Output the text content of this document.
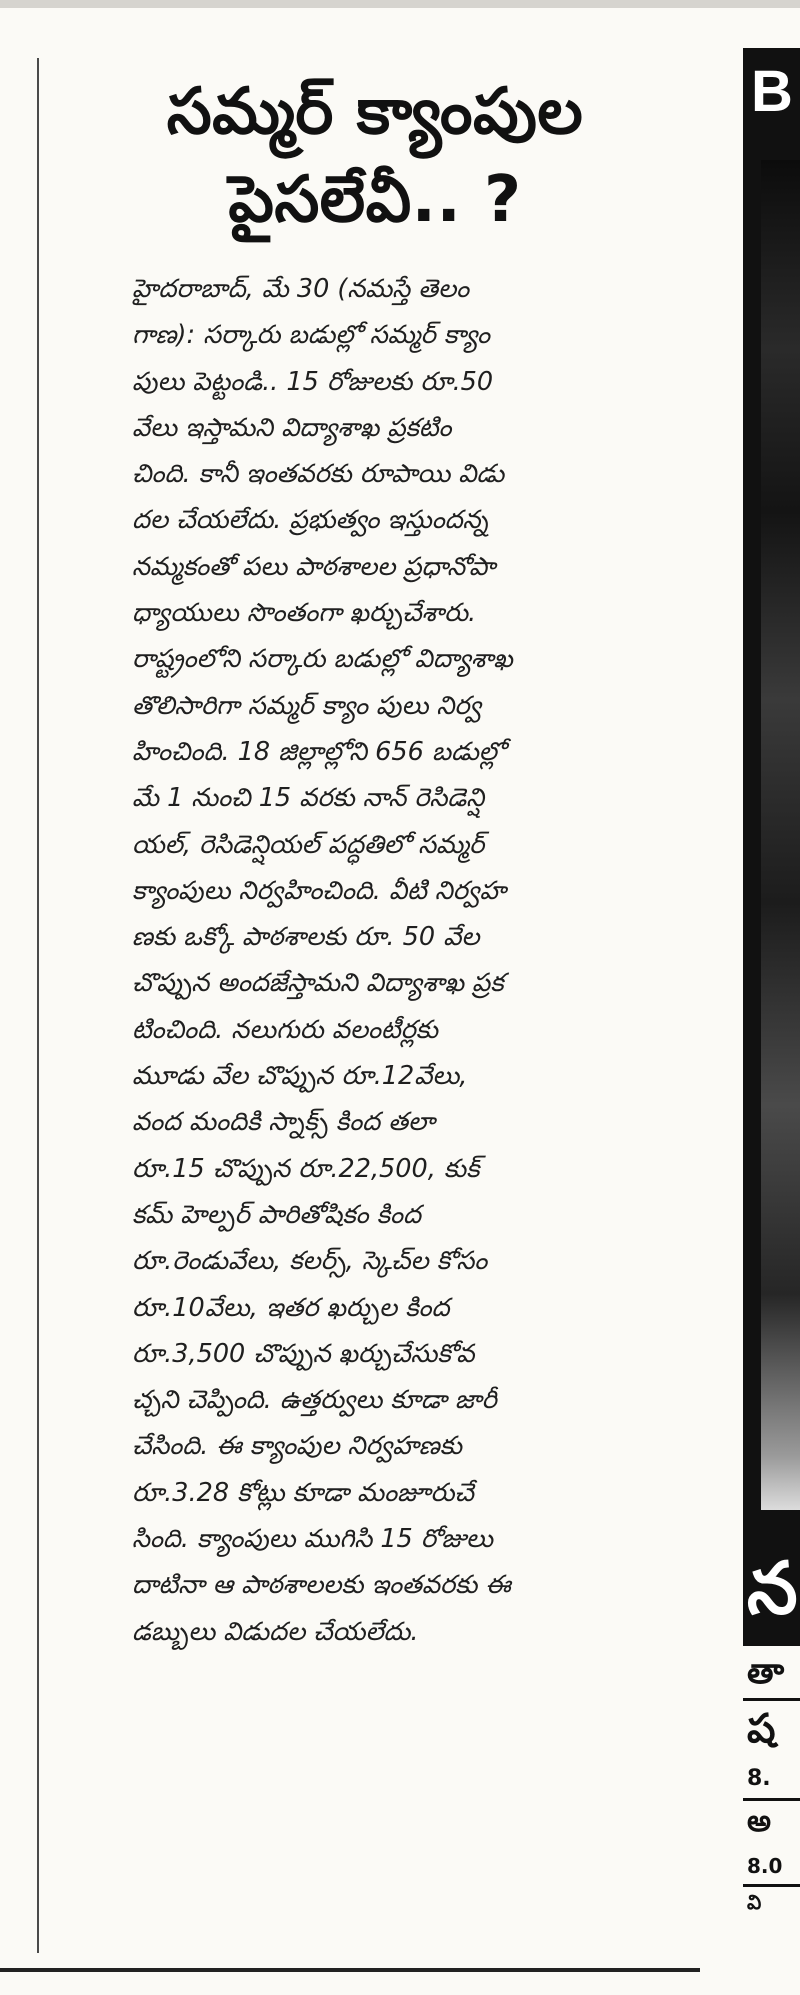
సమ్మర్ క్యాంపుల
పైసలేవీ.. ?
హైదరాబాద్, మే 30 (నమస్తే తెలం
గాణ): సర్కారు బడుల్లో సమ్మర్ క్యాం
పులు పెట్టండి.. 15 రోజులకు రూ.50
వేలు ఇస్తామని విద్యాశాఖ ప్రకటిం
చింది. కానీ ఇంతవరకు రూపాయి విడు
దల చేయలేదు. ప్రభుత్వం ఇస్తుందన్న
నమ్మకంతో పలు పాఠశాలల ప్రధానోపా
ధ్యాయులు సొంతంగా ఖర్చుచేశారు.
రాష్ట్రంలోని సర్కారు బడుల్లో విద్యాశాఖ
తొలిసారిగా సమ్మర్ క్యాం పులు నిర్వ
హించింది. 18 జిల్లాల్లోని 656 బడుల్లో
మే 1 నుంచి 15 వరకు నాన్ రెసిడెన్షి
యల్, రెసిడెన్షియల్ పద్ధతిలో సమ్మర్
క్యాంపులు నిర్వహించింది. వీటి నిర్వహ
ణకు ఒక్కో పాఠశాలకు రూ. 50 వేల
చొప్పున అందజేస్తామని విద్యాశాఖ ప్రక
టించింది. నలుగురు వలంటీర్లకు
మూడు వేల చొప్పున రూ.12వేలు,
వంద మందికి స్నాక్స్ కింద తలా
రూ.15 చొప్పున రూ.22,500, కుక్
కమ్ హెల్పర్ పారితోషికం కింద
రూ.రెండువేలు, కలర్స్, స్కెచ్‌ల కోసం
రూ.10వేలు, ఇతర ఖర్చుల కింద
రూ.3,500 చొప్పున ఖర్చుచేసుకోవ
చ్చని చెప్పింది. ఉత్తర్వులు కూడా జారీ
చేసింది. ఈ క్యాంపుల నిర్వహణకు
రూ.3.28 కోట్లు కూడా మంజూరుచే
సింది. క్యాంపులు ముగిసి 15 రోజులు
దాటినా ఆ పాఠశాలలకు ఇంతవరకు ఈ
డబ్బులు విడుదల చేయలేదు.
B
న
తా
ష
8.
అ
8.0
వి
